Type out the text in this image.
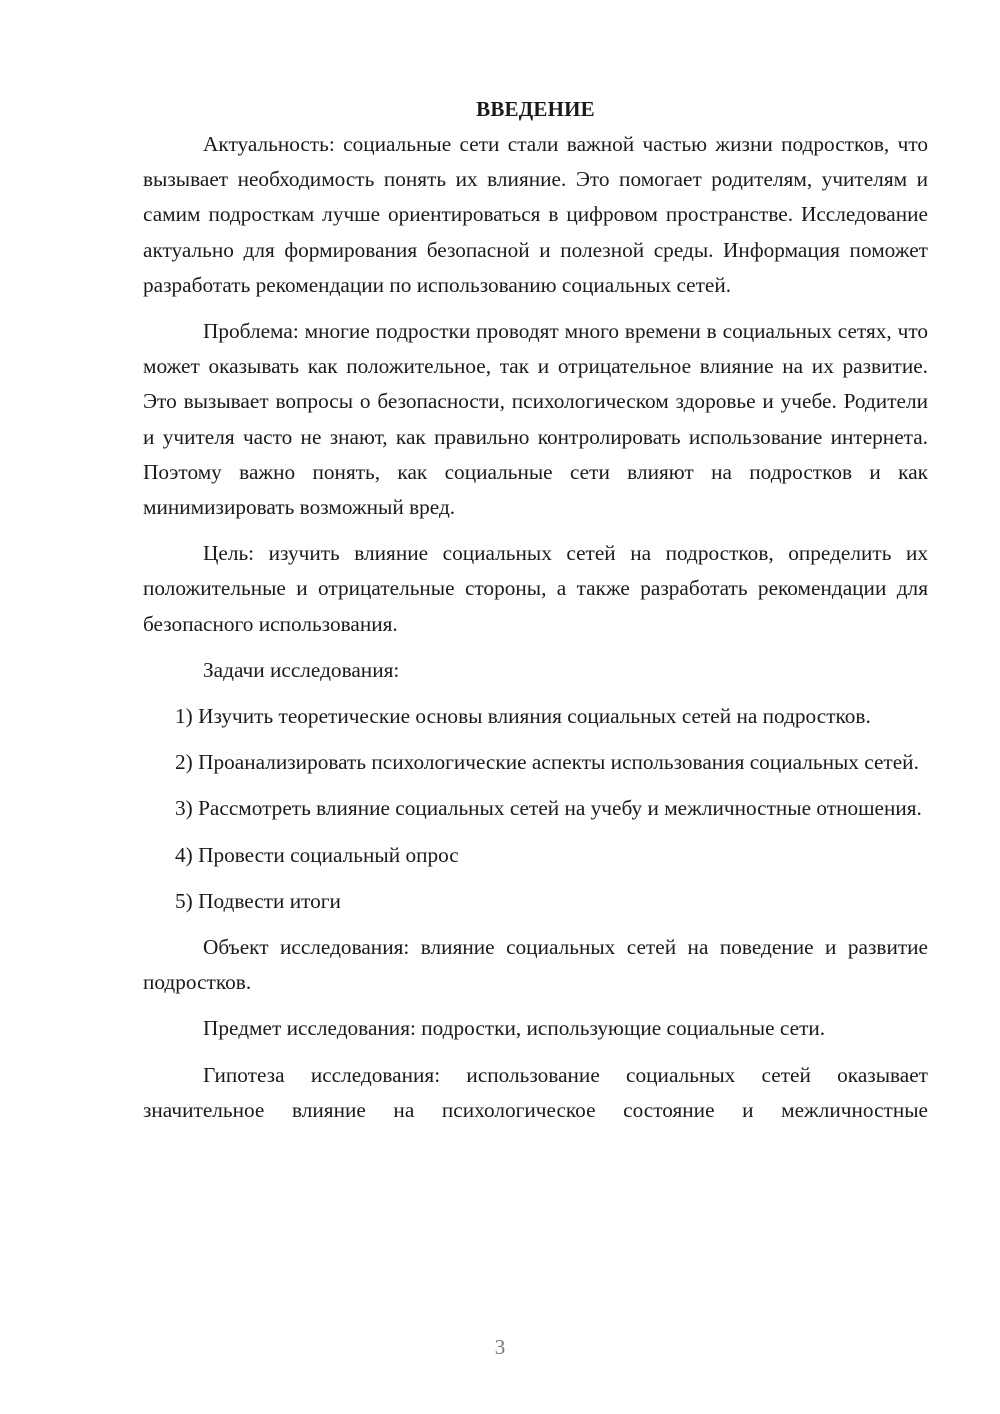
ВВЕДЕНИЕ

Актуальность: социальные сети стали важной частью жизни подростков, что вызывает необходимость понять их влияние. Это помогает родителям, учителям и самим подросткам лучше ориентироваться в цифровом пространстве. Исследование актуально для формирования безопасной и полезной среды. Информация поможет разработать рекомендации по использованию социальных сетей.

Проблема: многие подростки проводят много времени в социальных сетях, что может оказывать как положительное, так и отрицательное влияние на их развитие. Это вызывает вопросы о безопасности, психологическом здоровье и учебе. Родители и учителя часто не знают, как правильно контролировать использование интернета. Поэтому важно понять, как социальные сети влияют на подростков и как минимизировать возможный вред.

Цель: изучить влияние социальных сетей на подростков, определить их положительные и отрицательные стороны, а также разработать рекомендации для безопасного использования.

Задачи исследования:

1) Изучить теоретические основы влияния социальных сетей на подростков.

2) Проанализировать психологические аспекты использования социальных сетей.

3) Рассмотреть влияние социальных сетей на учебу и межличностные отношения.

4) Провести социальный опрос

5) Подвести итоги

Объект исследования: влияние социальных сетей на поведение и развитие подростков.

Предмет исследования: подростки, использующие социальные сети.

Гипотеза исследования: использование социальных сетей оказывает значительное влияние на психологическое состояние и межличностные

3
